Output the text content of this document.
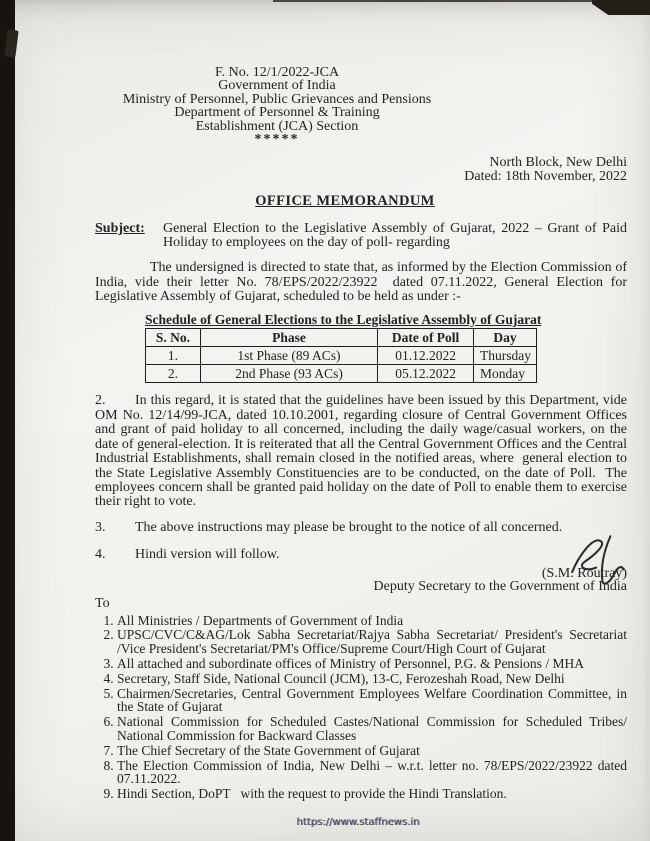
F. No. 12/1/2022-JCA
Government of India
Ministry of Personnel, Public Grievances and Pensions
Department of Personnel & Training
Establishment (JCA) Section
*****
North Block, New Delhi
Dated: 18th November, 2022
OFFICE MEMORANDUM
Subject:	General Election to the Legislative Assembly of Gujarat, 2022 – Grant of Paid Holiday to employees on the day of poll- regarding

The undersigned is directed to state that, as informed by the Election Commission of India, vide their letter No. 78/EPS/2022/23922  dated 07.11.2022, General Election for Legislative Assembly of Gujarat, scheduled to be held as under :-

Schedule of General Elections to the Legislative Assembly of Gujarat
S. No.	Phase	Date of Poll	Day
1.	1st Phase (89 ACs)	01.12.2022	Thursday
2.	2nd Phase (93 ACs)	05.12.2022	Monday

2. In this regard, it is stated that the guidelines have been issued by this Department, vide OM No. 12/14/99-JCA, dated 10.10.2001, regarding closure of Central Government Offices and grant of paid holiday to all concerned, including the daily wage/casual workers, on the date of general-election. It is reiterated that all the Central Government Offices and the Central Industrial Establishments, shall remain closed in the notified areas, where  general election to the State Legislative Assembly Constituencies are to be conducted, on the date of Poll.  The employees concern shall be granted paid holiday on the date of Poll to enable them to exercise their right to vote.

3. The above instructions may please be brought to the notice of all concerned.

4. Hindi version will follow.

(S.M. Routray)
Deputy Secretary to the Government of India
To
1. All Ministries / Departments of Government of India
2. UPSC/CVC/C&AG/Lok Sabha Secretariat/Rajya Sabha Secretariat/ President's Secretariat /Vice President's Secretariat/PM's Office/Supreme Court/High Court of Gujarat
3. All attached and subordinate offices of Ministry of Personnel, P.G. & Pensions / MHA
4. Secretary, Staff Side, National Council (JCM), 13-C, Ferozeshah Road, New Delhi
5. Chairmen/Secretaries, Central Government Employees Welfare Coordination Committee, in the State of Gujarat
6. National Commission for Scheduled Castes/National Commission for Scheduled Tribes/ National Commission for Backward Classes
7. The Chief Secretary of the State Government of Gujarat
8. The Election Commission of India, New Delhi – w.r.t. letter no. 78/EPS/2022/23922 dated 07.11.2022.
9. Hindi Section, DoPT   with the request to provide the Hindi Translation.
https://www.staffnews.in
